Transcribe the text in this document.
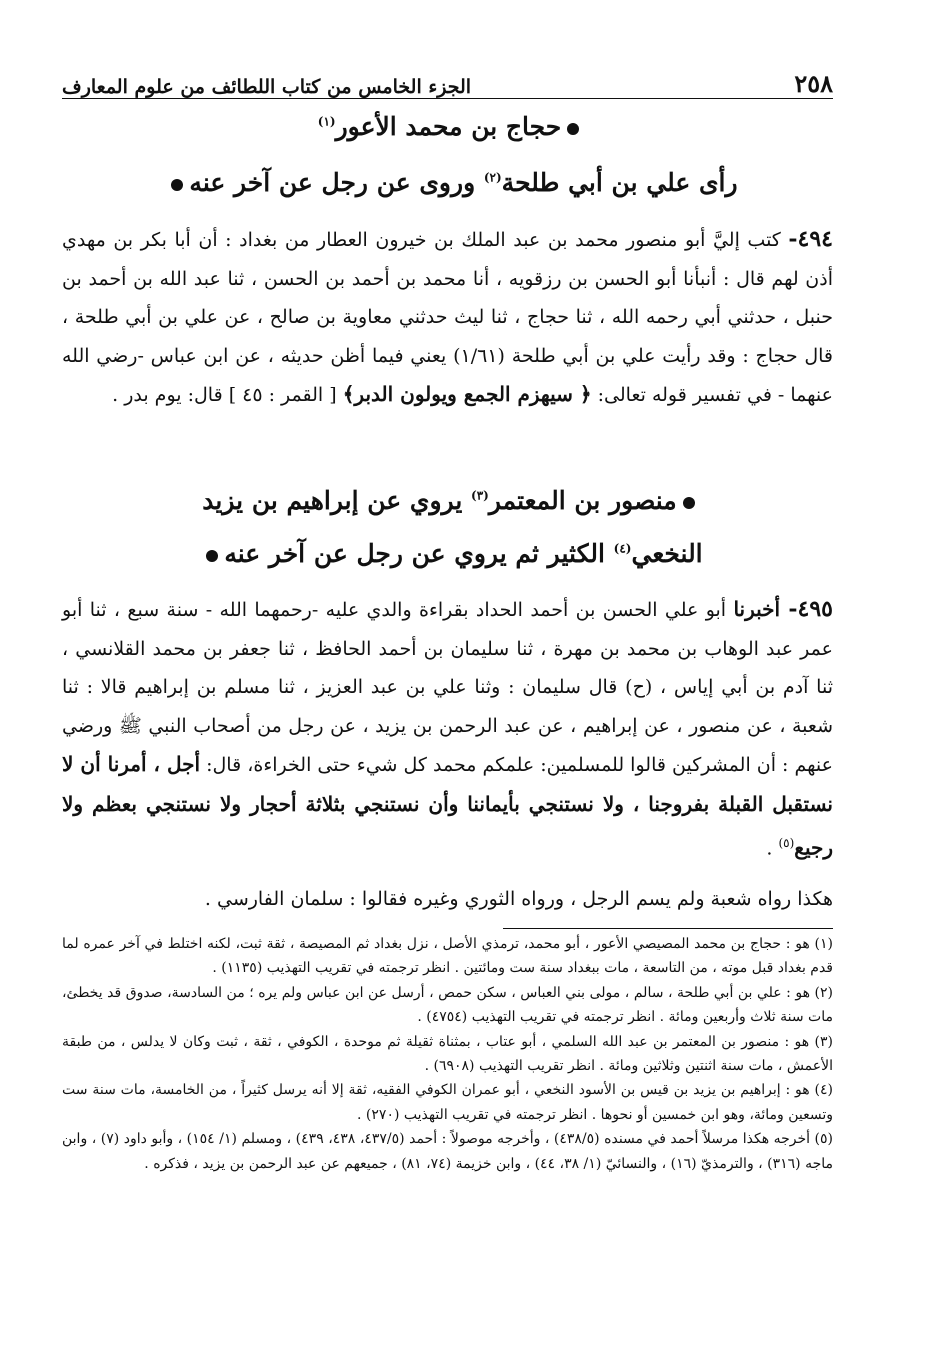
٢٥٨
الجزء الخامس من كتاب اللطائف من علوم المعارف
حجاج بن محمد الأعور$^{(١)}$
رأى علي بن أبي طلحة$^{(٢)}$ وروى عن رجل عن آخر عنه
٤٩٤- كتب إليَّ أبو منصور محمد بن عبد الملك بن خيرون العطار من بغداد : أن أبا بكر بن مهدي أذن لهم قال : أنبأنا أبو الحسن بن رزقويه ، أنا محمد بن أحمد بن الحسن ، ثنا عبد الله بن أحمد بن حنبل ، حدثني أبي رحمه الله ، ثنا حجاج ، ثنا ليث حدثني معاوية بن صالح ، عن علي بن أبي طلحة ، قال حجاج : وقد رأيت علي بن أبي طلحة (١/٦١) يعني فيما أظن حديثه ، عن ابن عباس -رضي الله عنهما - في تفسير قوله تعالى: ﴿ سيهزم الجمع ويولون الدبر﴾ [ القمر : ٤٥ ] قال: يوم بدر .
منصور بن المعتمر$^{(٣)}$ يروي عن إبراهيم بن يزيد
النخعي$^{(٤)}$ الكثير ثم يروي عن رجل عن آخر عنه
٤٩٥- أخبرنا أبو علي الحسن بن أحمد الحداد بقراءة والدي عليه -رحمهما الله - سنة سبع ، ثنا أبو عمر عبد الوهاب بن محمد بن مهرة ، ثنا سليمان بن أحمد الحافظ ، ثنا جعفر بن محمد القلانسي ، ثنا آدم بن أبي إياس ، (ح) قال سليمان : وثنا علي بن عبد العزيز ، ثنا مسلم بن إبراهيم قالا : ثنا شعبة ، عن منصور ، عن إبراهيم ، عن عبد الرحمن بن يزيد ، عن رجل من أصحاب النبي ﷺ ورضي عنهم : أن المشركين قالوا للمسلمين: علمكم محمد كل شيء حتى الخراءة، قال: أجل ، أمرنا أن لا نستقبل القبلة بفروجنا ، ولا نستنجي بأيماننا وأن نستنجي بثلاثة أحجار ولا نستنجي بعظم ولا رجيع$^{(٥)}$ .
هكذا رواه شعبة ولم يسم الرجل ، ورواه الثوري وغيره فقالوا : سلمان الفارسي .

(١) هو : حجاج بن محمد المصيصي الأعور ، أبو محمد، ترمذي الأصل ، نزل بغداد ثم المصيصة ، ثقة ثبت، لكنه اختلط في آخر عمره لما قدم بغداد قبل موته ، من التاسعة ، مات ببغداد سنة ست ومائتين . انظر ترجمته في تقريب التهذيب (١١٣٥) .

(٢) هو : علي بن أبي طلحة ، سالم ، مولى بني العباس ، سكن حمص ، أرسل عن ابن عباس ولم يره ؛ من السادسة، صدوق قد يخطئ، مات سنة ثلاث وأربعين ومائة . انظر ترجمته في تقريب التهذيب (٤٧٥٤) .

(٣) هو : منصور بن المعتمر بن عبد الله السلمي ، أبو عتاب ، بمثناة ثقيلة ثم موحدة ، الكوفي ، ثقة ، ثبت وكان لا يدلس ، من طبقة الأعمش ، مات سنة اثنتين وثلاثين ومائة . انظر تقريب التهذيب (٦٩٠٨) .

(٤) هو : إبراهيم بن يزيد بن قيس بن الأسود النخعي ، أبو عمران الكوفي الفقيه، ثقة إلا أنه يرسل كثيراً ، من الخامسة، مات سنة ست وتسعين ومائة، وهو ابن خمسين أو نحوها . انظر ترجمته في تقريب التهذيب (٢٧٠) .

(٥) أخرجه هكذا مرسلاً أحمد في مسنده (٤٣٨/٥) ، وأخرجه موصولاً : أحمد (٤٣٧/٥، ٤٣٨، ٤٣٩) ، ومسلم (١/ ١٥٤) ، وأبو داود (٧) ، وابن ماجه (٣١٦) ، والترمذيّ (١٦) ، والنسائيّ (١/ ٣٨، ٤٤) ، وابن خزيمة (٧٤، ٨١) ، جميعهم عن عبد الرحمن بن يزيد ، فذكره .
